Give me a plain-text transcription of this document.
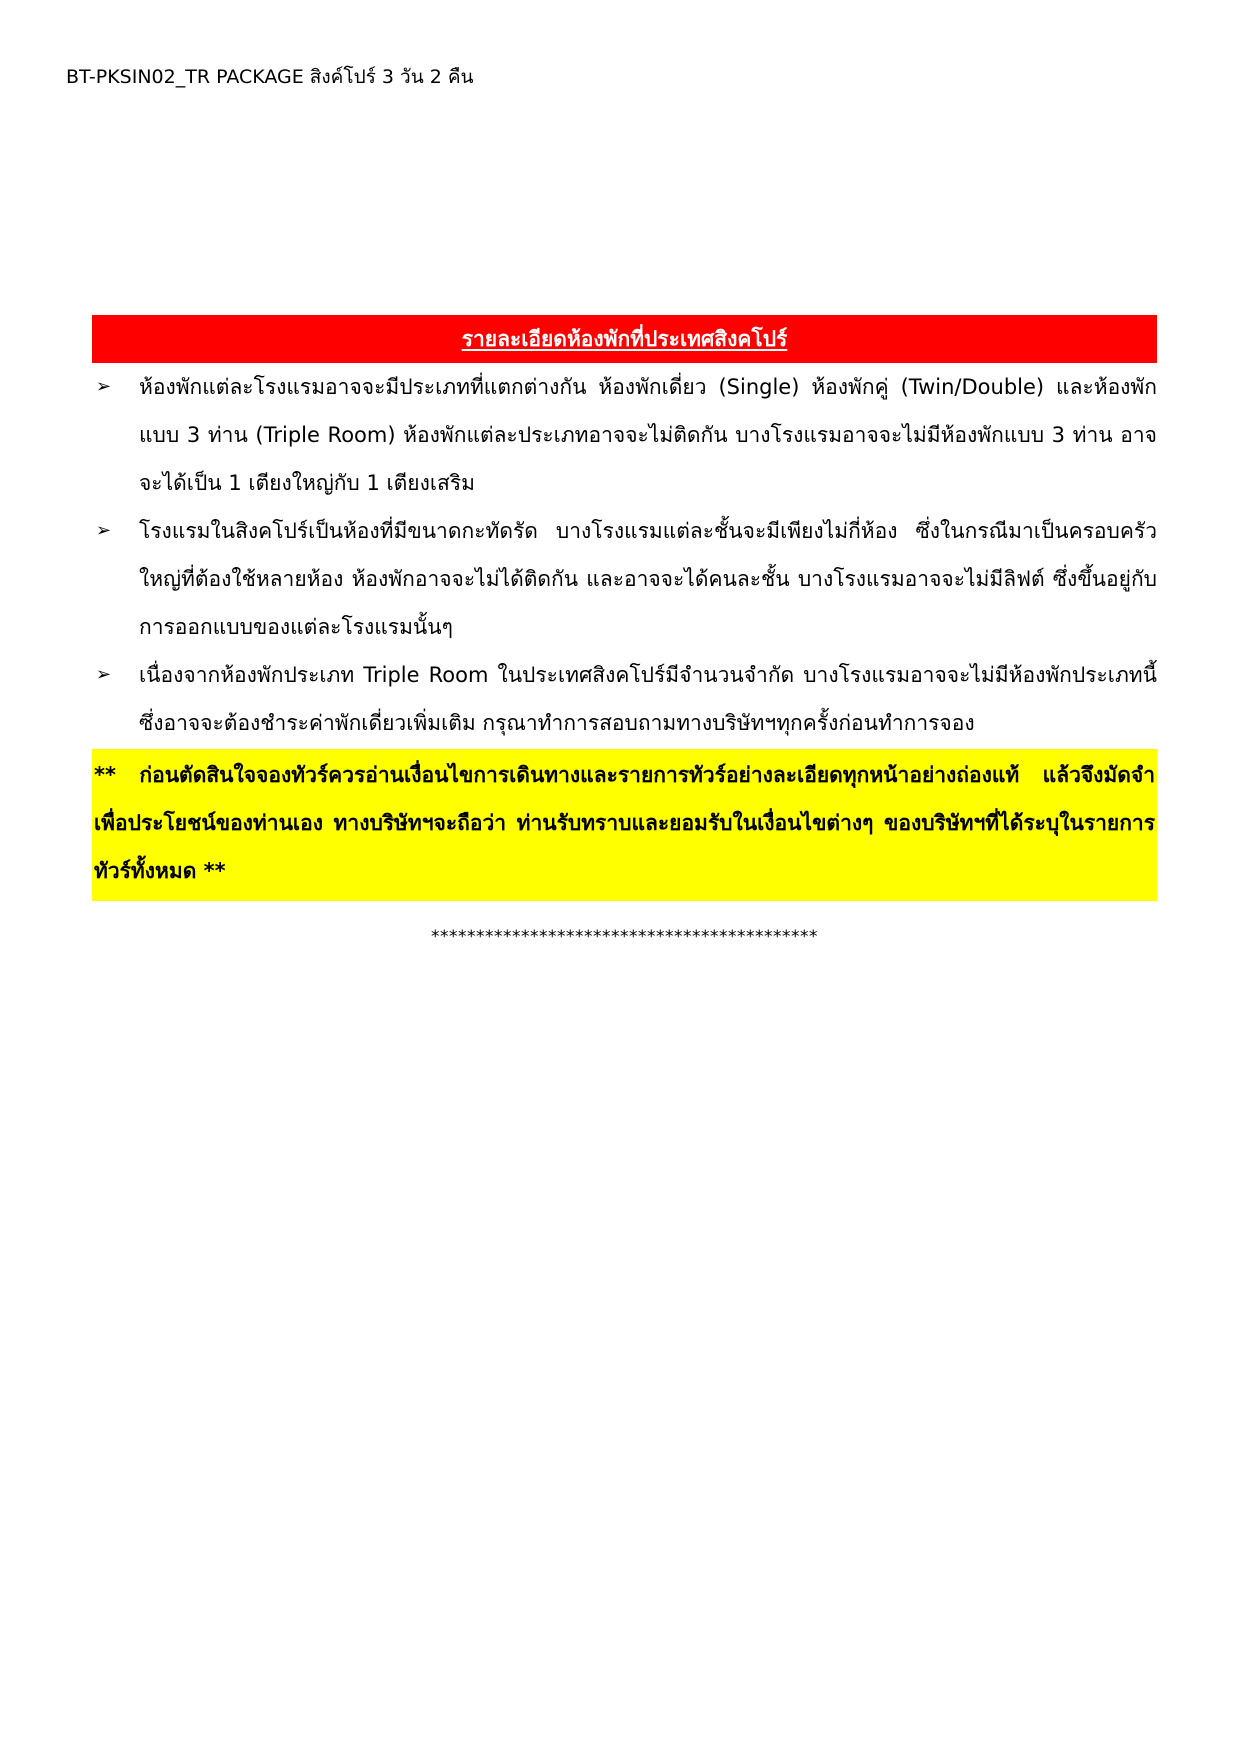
BT-PKSIN02_TR PACKAGE สิงค์โปร์ 3 วัน 2 คืน
รายละเอียดห้องพักที่ประเทศสิงคโปร์
➢ ห้องพักแต่ละโรงแรมอาจจะมีประเภทที่แตกต่างกัน ห้องพักเดี่ยว (Single) ห้องพักคู่ (Twin/Double) และห้องพักแบบ 3 ท่าน (Triple Room) ห้องพักแต่ละประเภทอาจจะไม่ติดกัน บางโรงแรมอาจจะไม่มีห้องพักแบบ 3 ท่าน อาจจะได้เป็น 1 เตียงใหญ่กับ 1 เตียงเสริม
➢ โรงแรมในสิงคโปร์เป็นห้องที่มีขนาดกะทัดรัด บางโรงแรมแต่ละชั้นจะมีเพียงไม่กี่ห้อง ซึ่งในกรณีมาเป็นครอบครัวใหญ่ที่ต้องใช้หลายห้อง ห้องพักอาจจะไม่ได้ติดกัน และอาจจะได้คนละชั้น บางโรงแรมอาจจะไม่มีลิฟต์ ซึ่งขึ้นอยู่กับการออกแบบของแต่ละโรงแรมนั้นๆ
➢ เนื่องจากห้องพักประเภท Triple Room ในประเทศสิงคโปร์มีจำนวนจำกัด บางโรงแรมอาจจะไม่มีห้องพักประเภทนี้ ซึ่งอาจจะต้องชำระค่าพักเดี่ยวเพิ่มเติม กรุณาทำการสอบถามทางบริษัทฯทุกครั้งก่อนทำการจอง
** ก่อนตัดสินใจจองทัวร์ควรอ่านเงื่อนไขการเดินทางและรายการทัวร์อย่างละเอียดทุกหน้าอย่างถ่องแท้ แล้วจึงมัดจำเพื่อประโยชน์ของท่านเอง ทางบริษัทฯจะถือว่า ท่านรับทราบและยอมรับในเงื่อนไขต่างๆ ของบริษัทฯที่ได้ระบุในรายการทัวร์ทั้งหมด **
*******************************************
